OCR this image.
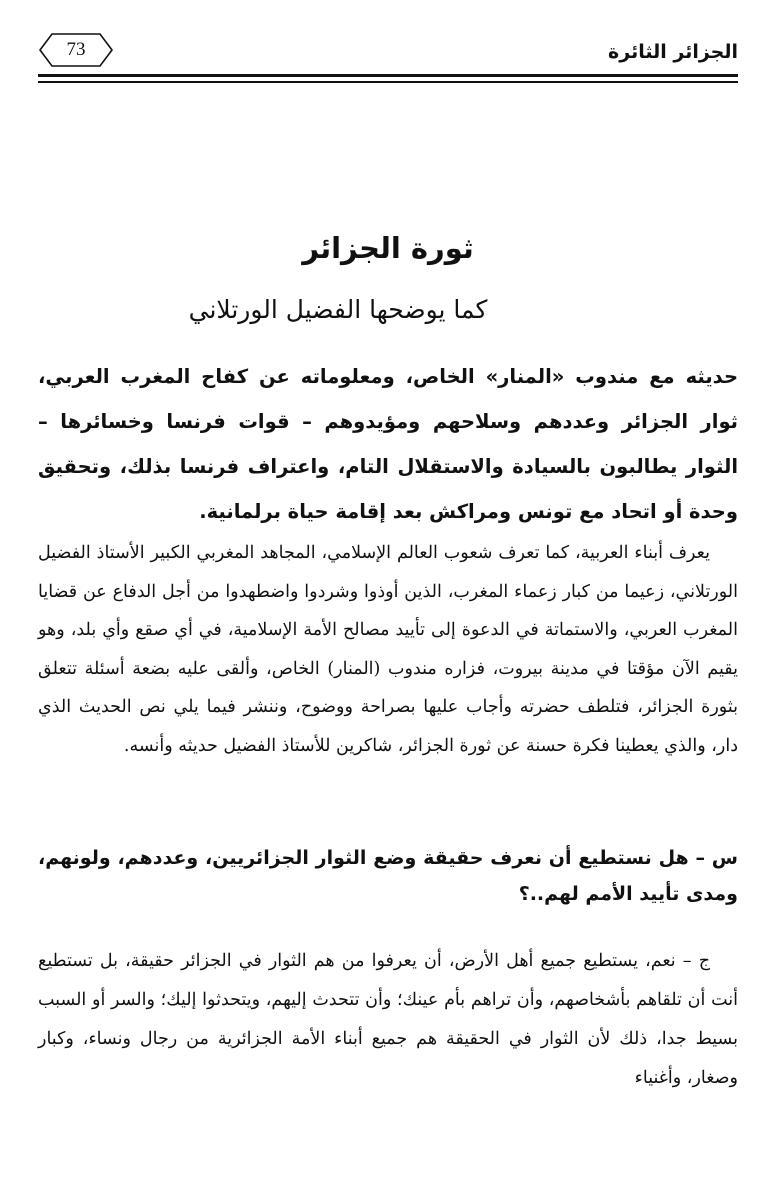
73	الجزائر الثائرة
ثورة الجزائر
كما يوضحها الفضيل الورتلاني
حديثه مع مندوب «المنار» الخاص، ومعلوماته عن كفاح المغرب العربي، ثوار الجزائر وعددهم وسلاحهم ومؤيدوهم – قوات فرنسا وخسائرها – الثوار يطالبون بالسيادة والاستقلال التام، واعتراف فرنسا بذلك، وتحقيق وحدة أو اتحاد مع تونس ومراكش بعد إقامة حياة برلمانية.
يعرف أبناء العربية، كما تعرف شعوب العالم الإسلامي، المجاهد المغربي الكبير الأستاذ الفضيل الورتلاني، زعيما من كبار زعماء المغرب، الذين أوذوا وشردوا واضطهدوا من أجل الدفاع عن قضايا المغرب العربي، والاستماتة في الدعوة إلى تأييد مصالح الأمة الإسلامية، في أي صقع وأي بلد، وهو يقيم الآن مؤقتا في مدينة بيروت، فزاره مندوب (المنار) الخاص، وألقى عليه بضعة أسئلة تتعلق بثورة الجزائر، فتلطف حضرته وأجاب عليها بصراحة ووضوح، وننشر فيما يلي نص الحديث الذي دار، والذي يعطينا فكرة حسنة عن ثورة الجزائر، شاكرين للأستاذ الفضيل حديثه وأنسه.
س – هل نستطيع أن نعرف حقيقة وضع الثوار الجزائريين، وعددهم، ولونهم، ومدى تأييد الأمم لهم..؟
ج – نعم، يستطيع جميع أهل الأرض، أن يعرفوا من هم الثوار في الجزائر حقيقة، بل تستطيع أنت أن تلقاهم بأشخاصهم، وأن تراهم بأم عينك؛ وأن تتحدث إليهم، ويتحدثوا إليك؛ والسر أو السبب بسيط جدا، ذلك لأن الثوار في الحقيقة هم جميع أبناء الأمة الجزائرية من رجال ونساء، وكبار وصغار، وأغنياء
